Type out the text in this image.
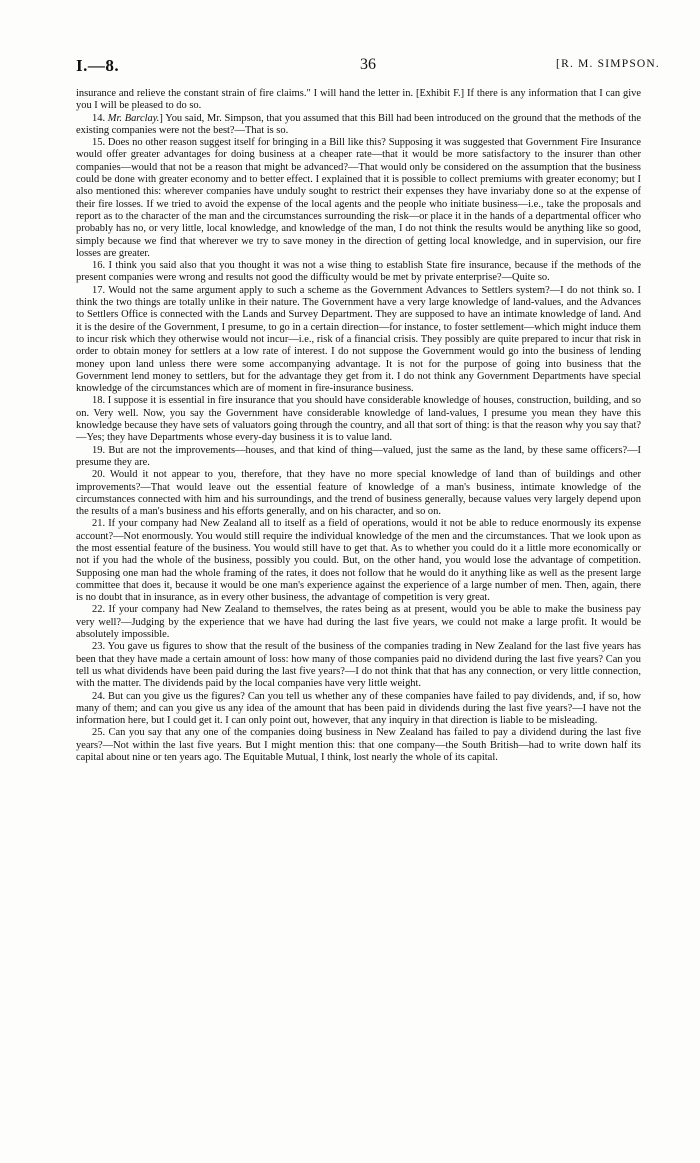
I.—8.	36	[R. M. SIMPSON.

insurance and relieve the constant strain of fire claims." I will hand the letter in. [Exhibit F.] If there is any information that I can give you I will be pleased to do so.

14. Mr. Barclay.] You said, Mr. Simpson, that you assumed that this Bill had been introduced on the ground that the methods of the existing companies were not the best?—That is so.

15. Does no other reason suggest itself for bringing in a Bill like this? Supposing it was suggested that Government Fire Insurance would offer greater advantages for doing business at a cheaper rate—that it would be more satisfactory to the insurer than other companies—would that not be a reason that might be advanced?—That would only be considered on the assumption that the business could be done with greater economy and to better effect. I explained that it is possible to collect premiums with greater economy; but I also mentioned this: wherever companies have unduly sought to restrict their expenses they have invariaby done so at the expense of their fire losses. If we tried to avoid the expense of the local agents and the people who initiate business—i.e., take the proposals and report as to the character of the man and the circumstances surrounding the risk—or place it in the hands of a departmental officer who probably has no, or very little, local knowledge, and knowledge of the man, I do not think the results would be anything like so good, simply because we find that wherever we try to save money in the direction of getting local knowledge, and in supervision, our fire losses are greater.

16. I think you said also that you thought it was not a wise thing to establish State fire insurance, because if the methods of the present companies were wrong and results not good the difficulty would be met by private enterprise?—Quite so.

17. Would not the same argument apply to such a scheme as the Government Advances to Settlers system?—I do not think so. I think the two things are totally unlike in their nature. The Government have a very large knowledge of land-values, and the Advances to Settlers Office is connected with the Lands and Survey Department. They are supposed to have an intimate knowledge of land. And it is the desire of the Government, I presume, to go in a certain direction—for instance, to foster settlement—which might induce them to incur risk which they otherwise would not incur—i.e., risk of a financial crisis. They possibly are quite prepared to incur that risk in order to obtain money for settlers at a low rate of interest. I do not suppose the Government would go into the business of lending money upon land unless there were some accompanying advantage. It is not for the purpose of going into business that the Government lend money to settlers, but for the advantage they get from it. I do not think any Government Departments have special knowledge of the circumstances which are of moment in fire-insurance business.

18. I suppose it is essential in fire insurance that you should have considerable knowledge of houses, construction, building, and so on. Very well. Now, you say the Government have considerable knowledge of land-values, I presume you mean they have this knowledge because they have sets of valuators going through the country, and all that sort of thing: is that the reason why you say that?—Yes; they have Departments whose every-day business it is to value land.

19. But are not the improvements—houses, and that kind of thing—valued, just the same as the land, by these same officers?—I presume they are.

20. Would it not appear to you, therefore, that they have no more special knowledge of land than of buildings and other improvements?—That would leave out the essential feature of knowledge of a man's business, intimate knowledge of the circumstances connected with him and his surroundings, and the trend of business generally, because values very largely depend upon the results of a man's business and his efforts generally, and on his character, and so on.

21. If your company had New Zealand all to itself as a field of operations, would it not be able to reduce enormously its expense account?—Not enormously. You would still require the individual knowledge of the men and the circumstances. That we look upon as the most essential feature of the business. You would still have to get that. As to whether you could do it a little more economically or not if you had the whole of the business, possibly you could. But, on the other hand, you would lose the advantage of competition. Supposing one man had the whole framing of the rates, it does not follow that he would do it anything like as well as the present large committee that does it, because it would be one man's experience against the experience of a large number of men. Then, again, there is no doubt that in insurance, as in every other business, the advantage of competition is very great.

22. If your company had New Zealand to themselves, the rates being as at present, would you be able to make the business pay very well?—Judging by the experience that we have had during the last five years, we could not make a large profit. It would be absolutely impossible.

23. You gave us figures to show that the result of the business of the companies trading in New Zealand for the last five years has been that they have made a certain amount of loss: how many of those companies paid no dividend during the last five years? Can you tell us what dividends have been paid during the last five years?—I do not think that that has any connection, or very little connection, with the matter. The dividends paid by the local companies have very little weight.

24. But can you give us the figures? Can you tell us whether any of these companies have failed to pay dividends, and, if so, how many of them; and can you give us any idea of the amount that has been paid in dividends during the last five years?—I have not the information here, but I could get it. I can only point out, however, that any inquiry in that direction is liable to be misleading.

25. Can you say that any one of the companies doing business in New Zealand has failed to pay a dividend during the last five years?—Not within the last five years. But I might mention this: that one company—the South British—had to write down half its capital about nine or ten years ago. The Equitable Mutual, I think, lost nearly the whole of its capital.
